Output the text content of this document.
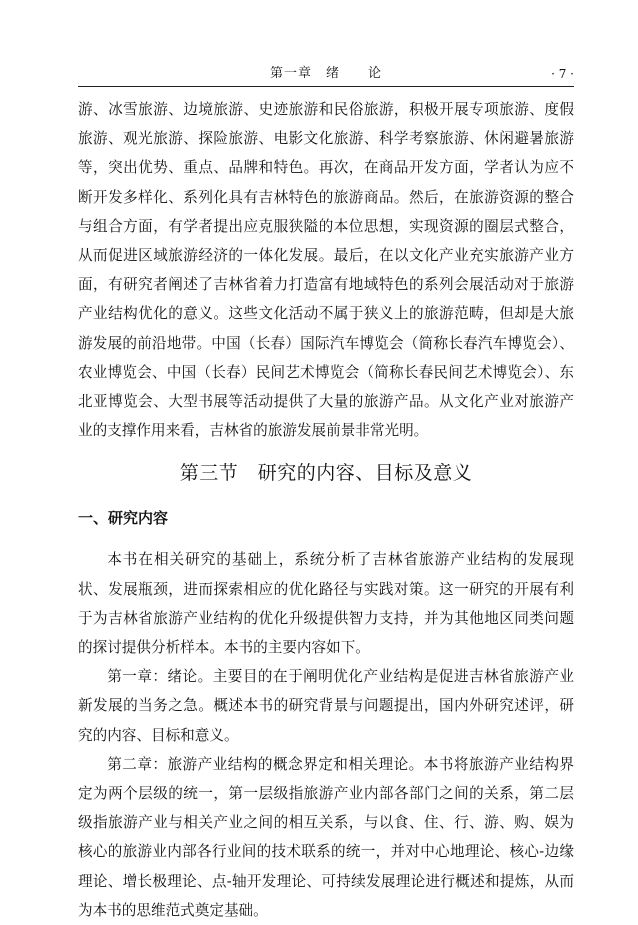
第一章　绪　　论	· 7 ·

游、冰雪旅游、边境旅游、史迹旅游和民俗旅游，积极开展专项旅游、度假旅游、观光旅游、探险旅游、电影文化旅游、科学考察旅游、休闲避暑旅游等，突出优势、重点、品牌和特色。再次，在商品开发方面，学者认为应不断开发多样化、系列化具有吉林特色的旅游商品。然后，在旅游资源的整合与组合方面，有学者提出应克服狭隘的本位思想，实现资源的圈层式整合，从而促进区域旅游经济的一体化发展。最后，在以文化产业充实旅游产业方面，有研究者阐述了吉林省着力打造富有地域特色的系列会展活动对于旅游产业结构优化的意义。这些文化活动不属于狭义上的旅游范畴，但却是大旅游发展的前沿地带。中国（长春）国际汽车博览会（简称长春汽车博览会）、农业博览会、中国（长春）民间艺术博览会（简称长春民间艺术博览会）、东北亚博览会、大型书展等活动提供了大量的旅游产品。从文化产业对旅游产业的支撑作用来看，吉林省的旅游发展前景非常光明。

第三节　研究的内容、目标及意义
一、研究内容

本书在相关研究的基础上，系统分析了吉林省旅游产业结构的发展现状、发展瓶颈，进而探索相应的优化路径与实践对策。这一研究的开展有利于为吉林省旅游产业结构的优化升级提供智力支持，并为其他地区同类问题的探讨提供分析样本。本书的主要内容如下。

第一章：绪论。主要目的在于阐明优化产业结构是促进吉林省旅游产业新发展的当务之急。概述本书的研究背景与问题提出，国内外研究述评，研究的内容、目标和意义。

第二章：旅游产业结构的概念界定和相关理论。本书将旅游产业结构界定为两个层级的统一，第一层级指旅游产业内部各部门之间的关系，第二层级指旅游产业与相关产业之间的相互关系，与以食、住、行、游、购、娱为核心的旅游业内部各行业间的技术联系的统一，并对中心地理论、核心-边缘理论、增长极理论、点-轴开发理论、可持续发展理论进行概述和提炼，从而为本书的思维范式奠定基础。
